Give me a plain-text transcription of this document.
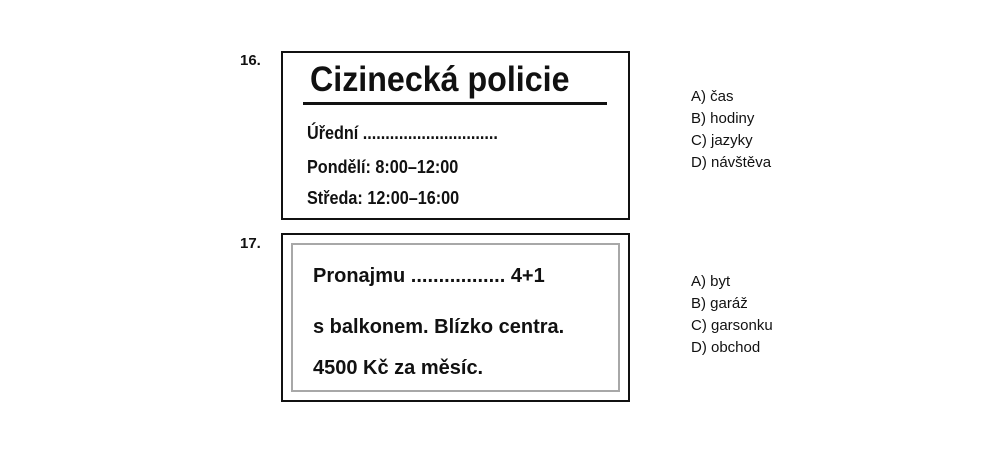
16. Cizinecká policie
Úřední ..............................
Pondělí: 8:00–12:00
Středa: 12:00–16:00
A) čas
B) hodiny
C) jazyky
D) návštěva
17.
Pronajmu ................. 4+1
s balkonem. Blízko centra.
4500 Kč za měsíc.
A) byt
B) garáž
C) garsonku
D) obchod
